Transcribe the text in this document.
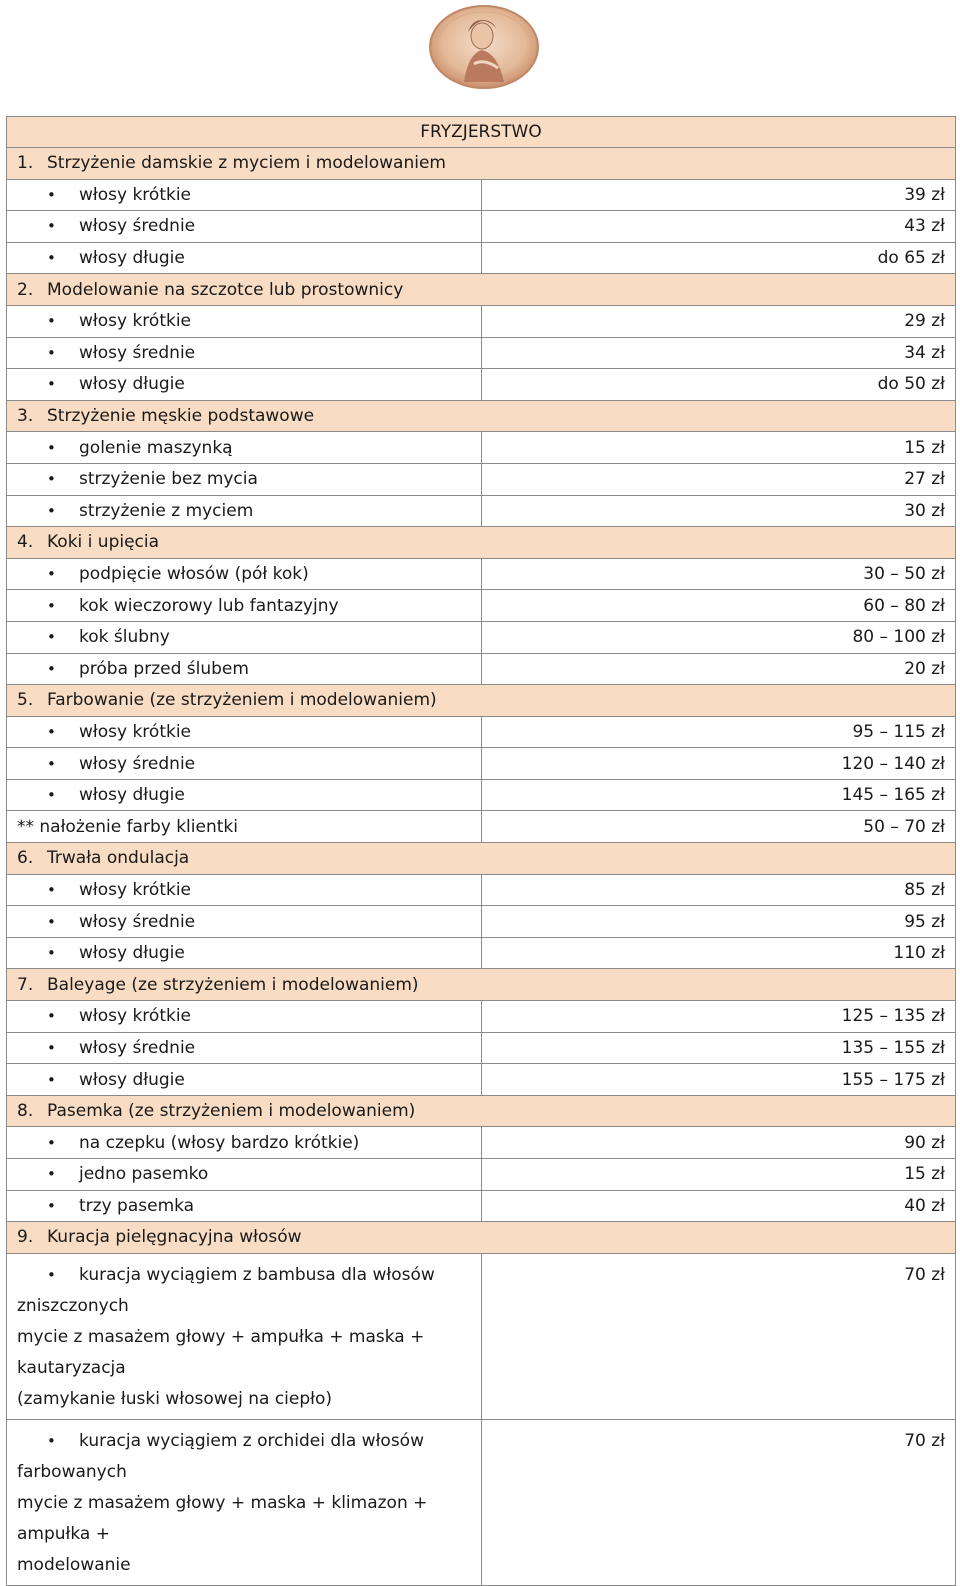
FRYZJERSTWO	
1. Strzyżenie damskie z myciem i modelowaniem	
• włosy krótkie	39 zł
• włosy średnie	43 zł
• włosy długie	do 65 zł
2. Modelowanie na szczotce lub prostownicy	
• włosy krótkie	29 zł
• włosy średnie	34 zł
• włosy długie	do 50 zł
3. Strzyżenie męskie podstawowe	
• golenie maszynką	15 zł
• strzyżenie bez mycia	27 zł
• strzyżenie z myciem	30 zł
4. Koki i upięcia	
• podpięcie włosów (pół kok)	30 – 50 zł
• kok wieczorowy lub fantazyjny	60 – 80 zł
• kok ślubny	80 – 100 zł
• próba przed ślubem	20 zł
5. Farbowanie (ze strzyżeniem i modelowaniem)	
• włosy krótkie	95 – 115 zł
• włosy średnie	120 – 140 zł
• włosy długie	145 – 165 zł
** nałożenie farby klientki	50 – 70 zł
6. Trwała ondulacja	
• włosy krótkie	85 zł
• włosy średnie	95 zł
• włosy długie	110 zł
7. Baleyage (ze strzyżeniem i modelowaniem)	
• włosy krótkie	125 – 135 zł
• włosy średnie	135 – 155 zł
• włosy długie	155 – 175 zł
8. Pasemka (ze strzyżeniem i modelowaniem)	
• na czepku (włosy bardzo krótkie)	90 zł
• jedno pasemko	15 zł
• trzy pasemka	40 zł
9. Kuracja pielęgnacyjna włosów	

• kuracja wyciągiem z bambusa dla włosów zniszczonych
mycie z masażem głowy + ampułka + maska + kautaryzacja
(zamykanie łuski włosowej na ciepło)	70 zł

• kuracja wyciągiem z orchidei dla włosów farbowanych
mycie z masażem głowy + maska + klimazon + ampułka +
modelowanie	70 zł
